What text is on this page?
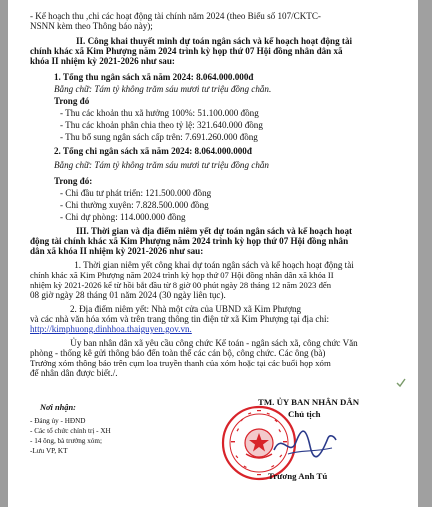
- Kế hoạch thu ,chi các hoạt động tài chính năm 2024 (theo Biểu số 107/CKTC-
NSNN kèm theo Thông báo này);
II. Công khai thuyết minh dự toán ngân sách và kế hoạch hoạt động tài
chính khác xã Kim Phượng năm 2024 trình kỳ họp thứ 07 Hội đồng nhân dân xã
khóa II nhiệm kỳ 2021-2026 như sau:
1. Tổng thu ngân sách xã năm 2024: 8.064.000.000đ
Bằng chữ: Tám tỷ không trăm sáu mươi tư triệu đồng chẵn.
Trong đó
- Thu các khoản thu xã hưởng 100%: 51.100.000 đồng
- Thu các khoản phân chia theo tỷ lệ: 321.640.000 đồng
- Thu bổ sung ngân sách cấp trên: 7.691.260.000 đồng
2. Tổng chi ngân sách xã năm 2024: 8.064.000.000đ
Bằng chữ: Tám tỷ không trăm sáu mươi tư triệu đồng chẵn
Trong đó:
- Chi đầu tư phát triển: 121.500.000 đồng
- Chi thường xuyên: 7.828.500.000 đồng
- Chi dự phòng: 114.000.000 đồng
III. Thời gian và địa điểm niêm yết dự toán ngân sách và kế hoạch hoạt
động tài chính khác xã Kim Phượng năm 2024 trình kỳ họp thứ 07 Hội đồng nhân
dân xã khóa II nhiệm kỳ 2021-2026 như sau:
1. Thời gian niêm yết công khai dự toán ngân sách và kế hoạch hoạt động tài
chính khác xã Kim Phượng năm 2024 trình kỳ họp thứ 07 Hội đồng nhân dân xã khóa II
nhiệm kỳ 2021-2026 kể từ hồi bắt đầu từ 8 giờ 00 phút ngày 28 tháng 12 năm 2023 đến
08 giờ ngày 28 tháng 01 năm 2024 (30 ngày liên tục).
2. Địa điểm niêm yết: Nhà một cửa của UBND xã Kim Phượng
và các nhà văn hóa xóm và trên trang thông tin điện tử xã Kim Phượng tại địa chỉ:
http://kimphuong.dinhhoa.thaiguyen.gov.vn.
Ủy ban nhân dân xã yêu cầu công chức Kế toán - ngân sách xã, công chức Văn
phòng - thống kê gửi thông báo đến toàn thể các cán bộ, công chức. Các ông (bà)
Trưởng xóm thông báo trên cụm loa truyền thanh của xóm hoặc tại các buổi họp xóm
để nhân dân được biết./.
Nơi nhận:
- Đảng ủy - HĐND
- Các tổ chức chính trị - XH
- 14 ông, bà trưởng xóm;
-Lưu VP, KT
TM. ỦY BAN NHÂN DÂN
Chủ tịch
Trương Anh Tú
